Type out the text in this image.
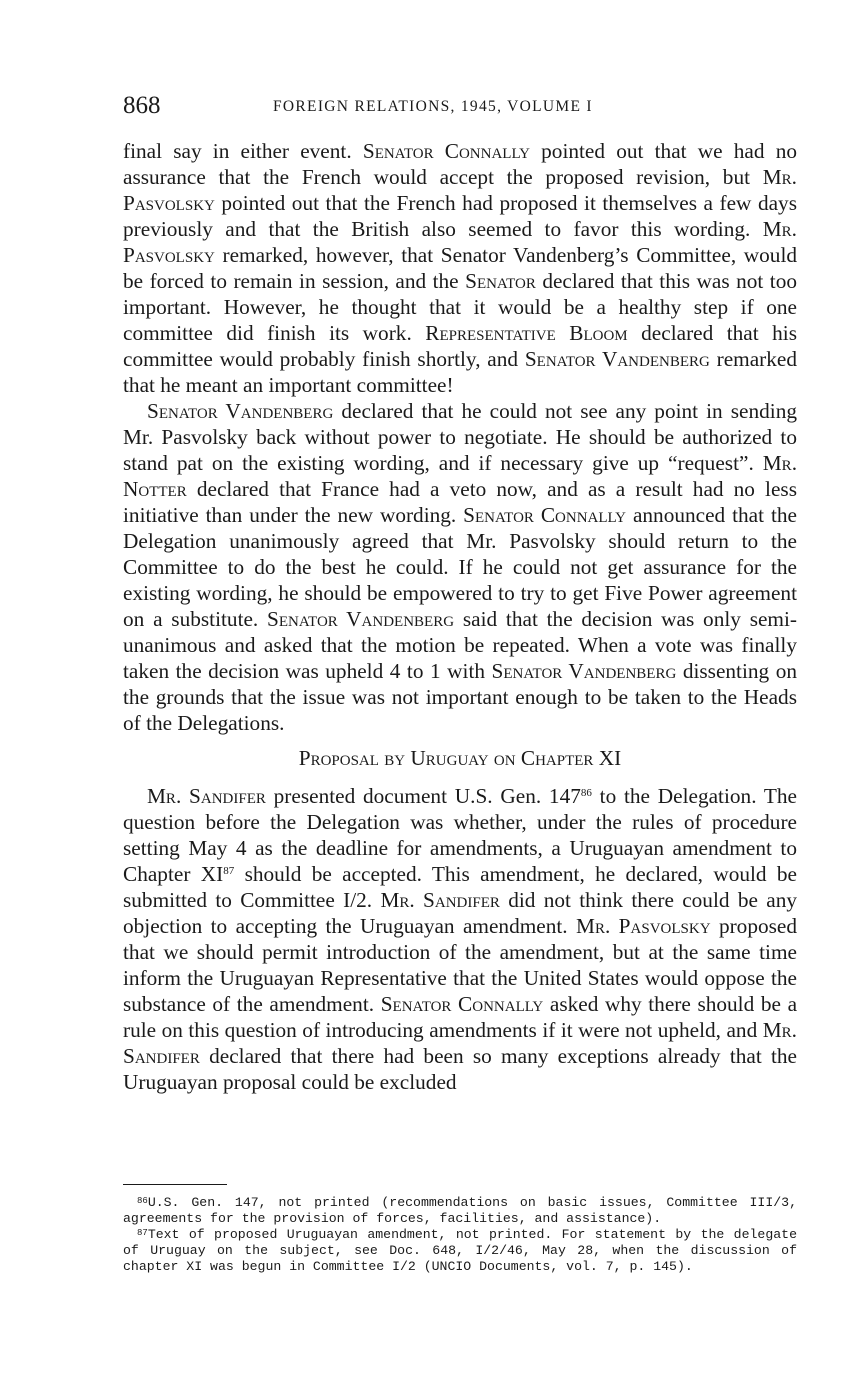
868	FOREIGN RELATIONS, 1945, VOLUME I

final say in either event. Senator Connally pointed out that we had no assurance that the French would accept the proposed revision, but Mr. Pasvolsky pointed out that the French had proposed it themselves a few days previously and that the British also seemed to favor this wording. Mr. Pasvolsky remarked, however, that Senator Vandenberg’s Committee, would be forced to remain in session, and the Senator declared that this was not too important. However, he thought that it would be a healthy step if one committee did finish its work. Representative Bloom declared that his committee would probably finish shortly, and Senator Vandenberg remarked that he meant an important committee!

Senator Vandenberg declared that he could not see any point in sending Mr. Pasvolsky back without power to negotiate. He should be authorized to stand pat on the existing wording, and if necessary give up “request”. Mr. Notter declared that France had a veto now, and as a result had no less initiative than under the new wording. Senator Connally announced that the Delegation unanimously agreed that Mr. Pasvolsky should return to the Committee to do the best he could. If he could not get assurance for the existing wording, he should be empowered to try to get Five Power agreement on a substitute. Senator Vandenberg said that the decision was only semiunanimous and asked that the motion be repeated. When a vote was finally taken the decision was upheld 4 to 1 with Senator Vandenberg dissenting on the grounds that the issue was not important enough to be taken to the Heads of the Delegations.

Proposal by Uruguay on Chapter XI

Mr. Sandifer presented document U.S. Gen. 147$^{86}$ to the Delegation. The question before the Delegation was whether, under the rules of procedure setting May 4 as the deadline for amendments, a Uruguayan amendment to Chapter XI$^{87}$ should be accepted. This amendment, he declared, would be submitted to Committee I/2. Mr. Sandifer did not think there could be any objection to accepting the Uruguayan amendment. Mr. Pasvolsky proposed that we should permit introduction of the amendment, but at the same time inform the Uruguayan Representative that the United States would oppose the substance of the amendment. Senator Connally asked why there should be a rule on this question of introducing amendments if it were not upheld, and Mr. Sandifer declared that there had been so many exceptions already that the Uruguayan proposal could be excluded

$^{86}$U.S. Gen. 147, not printed (recommendations on basic issues, Committee III/3, agreements for the provision of forces, facilities, and assistance).

$^{87}$Text of proposed Uruguayan amendment, not printed. For statement by the delegate of Uruguay on the subject, see Doc. 648, I/2/46, May 28, when the discussion of chapter XI was begun in Committee I/2 (UNCIO Documents, vol. 7, p. 145).
